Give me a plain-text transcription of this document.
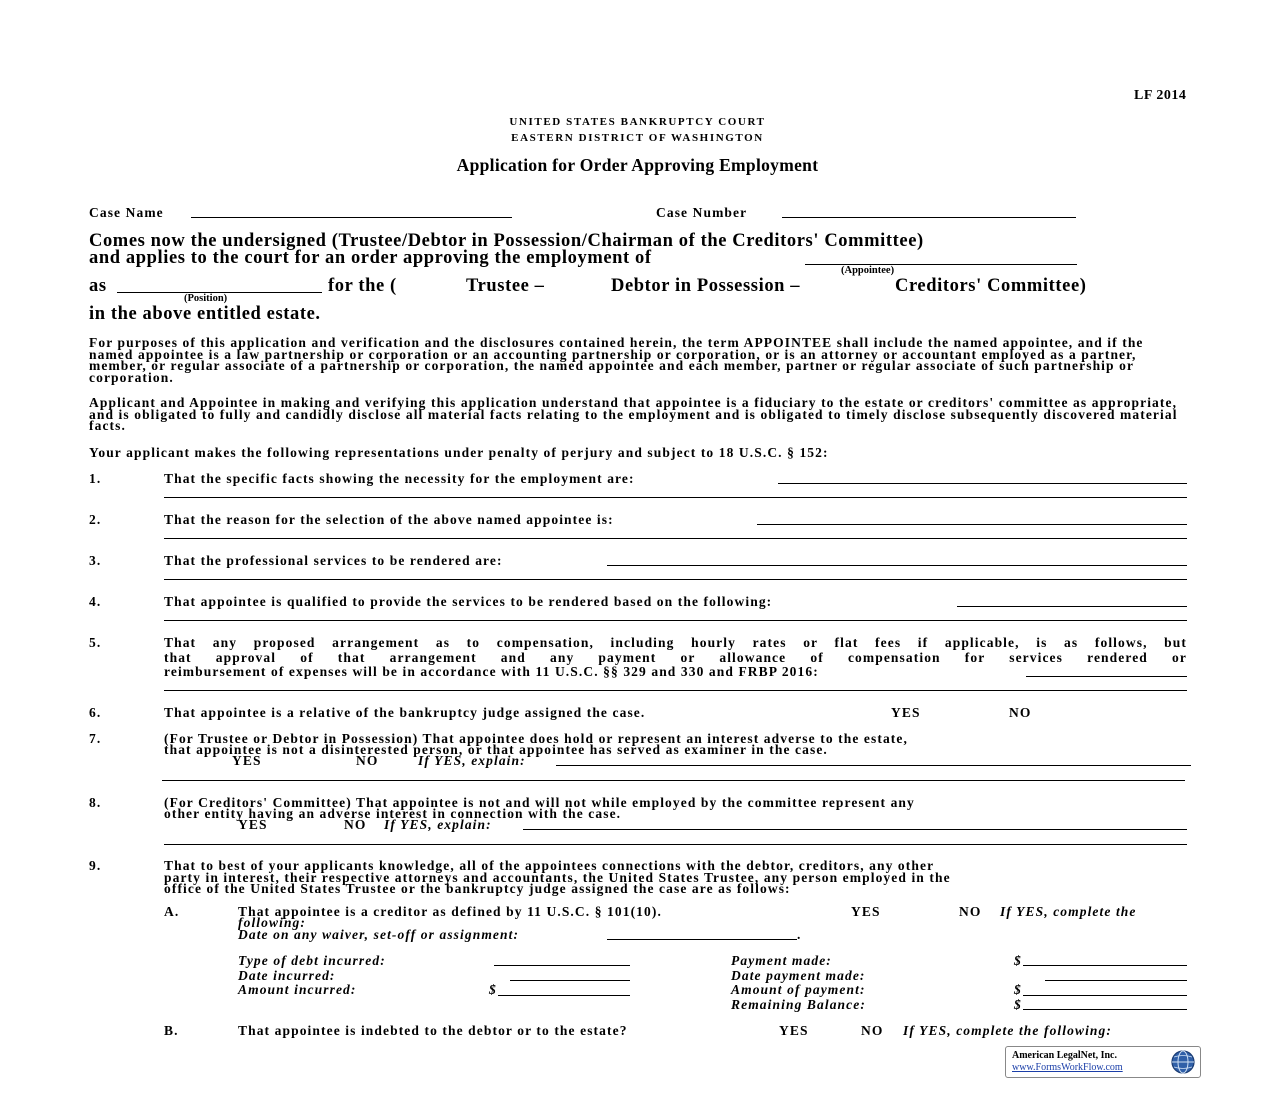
LF 2014
UNITED STATES BANKRUPTCY COURT
EASTERN DISTRICT OF WASHINGTON
Application for Order Approving Employment
Case Name	Case Number
Comes now the undersigned (Trustee/Debtor in Possession/Chairman of the Creditors' Committee)
and applies to the court for an order approving the employment of
(Appointee)
as
(Position)
for the (	Trustee –	Debtor in Possession –	Creditors' Committee)
in the above entitled estate.
For purposes of this application and verification and the disclosures contained herein, the term APPOINTEE shall include the named appointee, and if the named appointee is a law partnership or corporation or an accounting partnership or corporation, or is an attorney or accountant employed as a partner, member, or regular associate of a partnership or corporation, the named appointee and each member, partner or regular associate of such partnership or corporation.
Applicant and Appointee in making and verifying this application understand that appointee is a fiduciary to the estate or creditors' committee as appropriate, and is obligated to fully and candidly disclose all material facts relating to the employment and is obligated to timely disclose subsequently discovered material facts.
Your applicant makes the following representations under penalty of perjury and subject to 18 U.S.C. § 152:
1.	That the specific facts showing the necessity for the employment are:
2.	That the reason for the selection of the above named appointee is:
3.	That the professional services to be rendered are:
4.	That appointee is qualified to provide the services to be rendered based on the following:
5.	That any proposed arrangement as to compensation, including hourly rates or flat fees if applicable, is as follows, but
that approval of that arrangement and any payment or allowance of compensation for services rendered or
reimbursement of expenses will be in accordance with 11 U.S.C. §§ 329 and 330 and FRBP 2016:
6.	That appointee is a relative of the bankruptcy judge assigned the case.	YES	NO
7.	(For Trustee or Debtor in Possession) That appointee does hold or represent an interest adverse to the estate,
that appointee is not a disinterested person, or that appointee has served as examiner in the case.
YES	NO	If YES, explain:
8.	(For Creditors' Committee) That appointee is not and will not while employed by the committee represent any
other entity having an adverse interest in connection with the case.
YES	NO If YES, explain:
9.	That to best of your applicants knowledge, all of the appointees connections with the debtor, creditors, any other
party in interest, their respective attorneys and accountants, the United States Trustee, any person employed in the
office of the United States Trustee or the bankruptcy judge assigned the case are as follows:
A.	That appointee is a creditor as defined by 11 U.S.C. § 101(10).	YES	NO If YES, complete the
following:
Date on any waiver, set-off or assignment:	.
Type of debt incurred:
Date incurred:
Amount incurred:	$
Payment made:	$
Date payment made:
Amount of payment:	$
Remaining Balance:	$
B.	That appointee is indebted to the debtor or to the estate?	YES	NO If YES, complete the following:
American LegalNet, Inc.
www.FormsWorkFlow.com
